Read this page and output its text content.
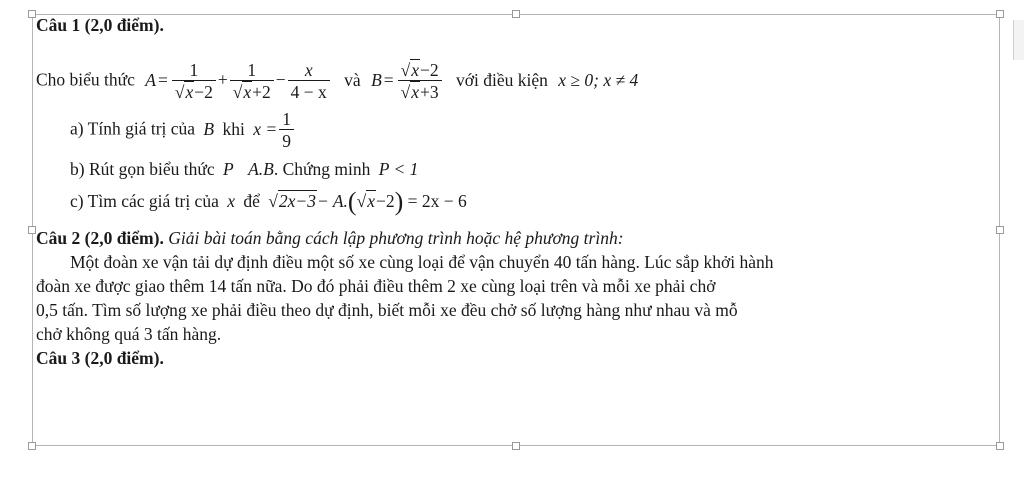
Câu 1 (2,0 điểm).
Cho biểu thức $A = \frac{1}{√x-2} + \frac{1}{√x+2} - \frac{x}{4 - x}$ và $B = \frac{√x-2}{√x+3}$ với điều kiện x ≥ 0; x ≠ 4
a) Tính giá trị của B khi $x = \frac{1}{9}$
b) Rút gọn biểu thức P A.B. Chứng minh P < 1
c) Tìm các giá trị của x để √2x−3− A.(√x−2) = 2x − 6
Câu 2 (2,0 điểm). Giải bài toán bằng cách lập phương trình hoặc hệ phương trình:
Một đoàn xe vận tải dự định điều một số xe cùng loại để vận chuyển 40 tấn hàng. Lúc sắp khởi hành
đoàn xe được giao thêm 14 tấn nữa. Do đó phải điều thêm 2 xe cùng loại trên và mỗi xe phải chở
0,5 tấn. Tìm số lượng xe phải điều theo dự định, biết mỗi xe đều chở số lượng hàng như nhau và mỗ
chở không quá 3 tấn hàng.
Câu 3 (2,0 điểm).
